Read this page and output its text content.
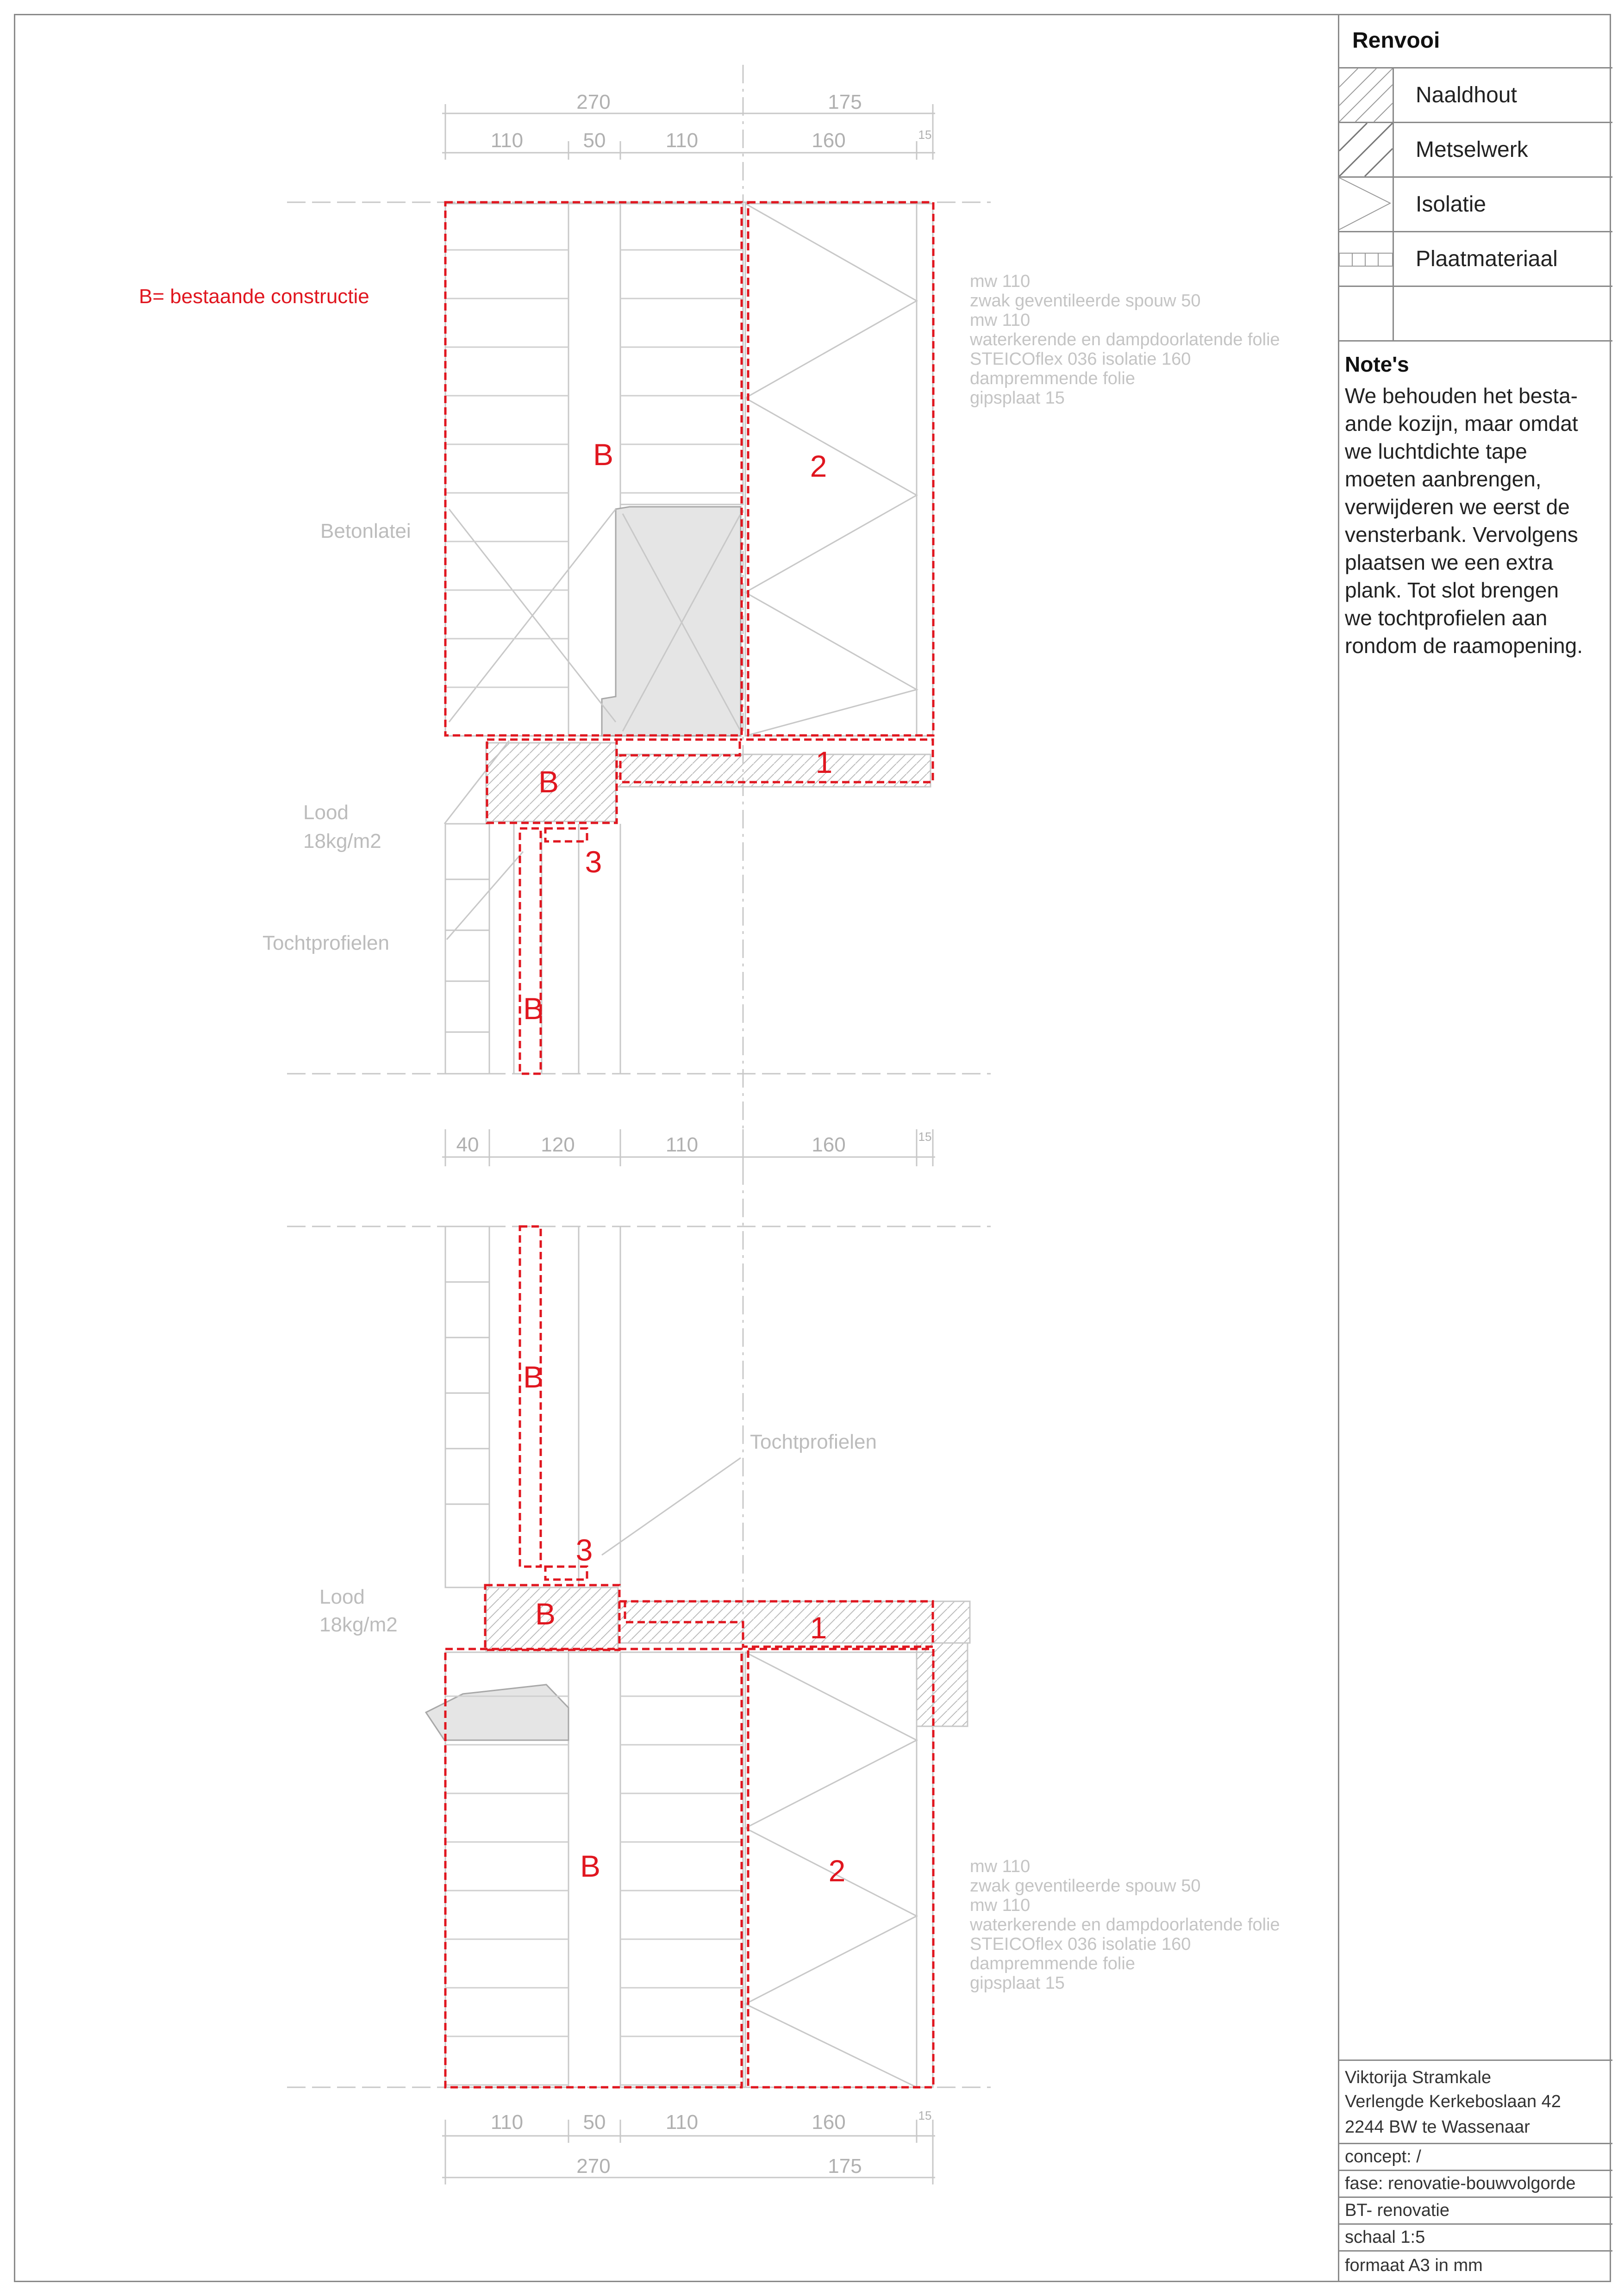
B= bestaande constructie
270	175
110	50	110	160	15
40	120	110	160	15
110	50	110	160	15
270	175
Betonlatei
Lood
18kg/m2
Tochtprofielen
Tochtprofielen
Lood
18kg/m2
mw 110
zwak geventileerde spouw 50
mw 110
waterkerende en dampdoorlatende folie
STEICOflex 036 isolatie 160
dampremmende folie
gipsplaat 15
mw 110
zwak geventileerde spouw 50
mw 110
waterkerende en dampdoorlatende folie
STEICOflex 036 isolatie 160
dampremmende folie
gipsplaat 15
B	2
B
1
3
B
B
3
B	1
B	2
Renvooi
Naaldhout
Metselwerk
Isolatie
Plaatmateriaal
Note's
We behouden het besta-
ande kozijn, maar omdat
we luchtdichte tape
moeten aanbrengen,
verwijderen we eerst de
vensterbank. Vervolgens
plaatsen we een extra
plank. Tot slot brengen
we tochtprofielen aan
rondom de raamopening.
Viktorija Stramkale
Verlengde Kerkeboslaan 42
2244 BW te Wassenaar
concept: /
fase: renovatie-bouwvolgorde
BT- renovatie
schaal 1:5
formaat A3 in mm
